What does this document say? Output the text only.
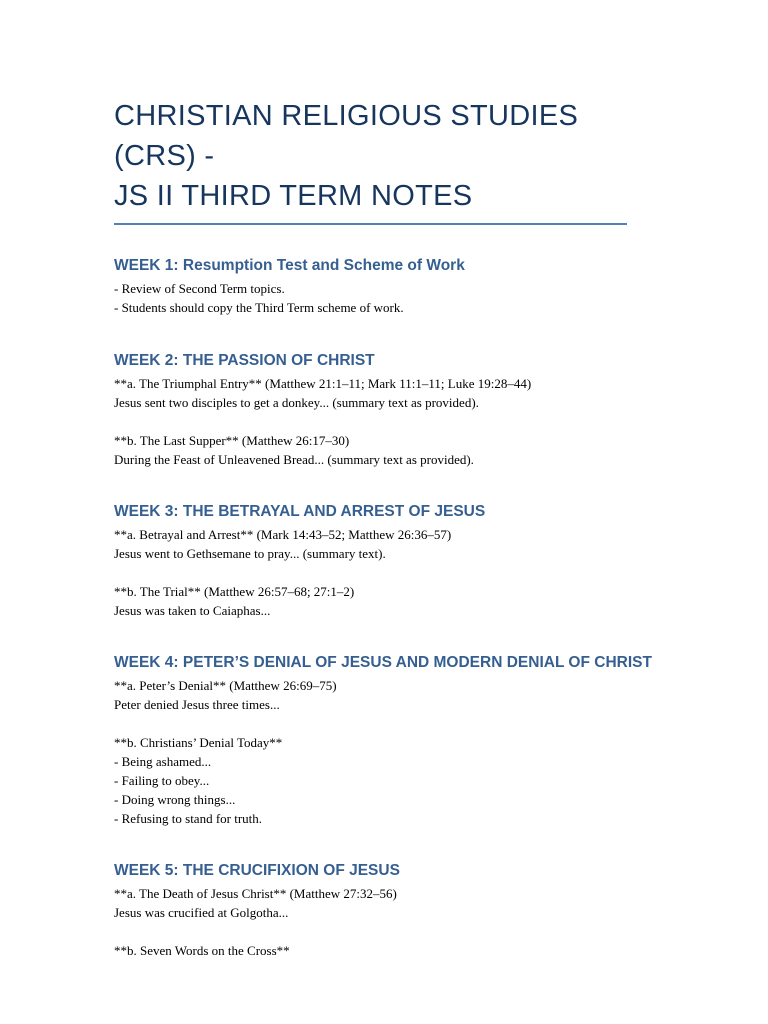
CHRISTIAN RELIGIOUS STUDIES (CRS) -
JS II THIRD TERM NOTES
WEEK 1: Resumption Test and Scheme of Work

- Review of Second Term topics.

- Students should copy the Third Term scheme of work.

WEEK 2: THE PASSION OF CHRIST

**a. The Triumphal Entry** (Matthew 21:1–11; Mark 11:1–11; Luke 19:28–44)

Jesus sent two disciples to get a donkey... (summary text as provided).

**b. The Last Supper** (Matthew 26:17–30)

During the Feast of Unleavened Bread... (summary text as provided).

WEEK 3: THE BETRAYAL AND ARREST OF JESUS

**a. Betrayal and Arrest** (Mark 14:43–52; Matthew 26:36–57)

Jesus went to Gethsemane to pray... (summary text).

**b. The Trial** (Matthew 26:57–68; 27:1–2)

Jesus was taken to Caiaphas...

WEEK 4: PETER’S DENIAL OF JESUS AND MODERN DENIAL OF CHRIST

**a. Peter’s Denial** (Matthew 26:69–75)

Peter denied Jesus three times...

**b. Christians’ Denial Today**

- Being ashamed...

- Failing to obey...

- Doing wrong things...

- Refusing to stand for truth.

WEEK 5: THE CRUCIFIXION OF JESUS

**a. The Death of Jesus Christ** (Matthew 27:32–56)

Jesus was crucified at Golgotha...

**b. Seven Words on the Cross**
